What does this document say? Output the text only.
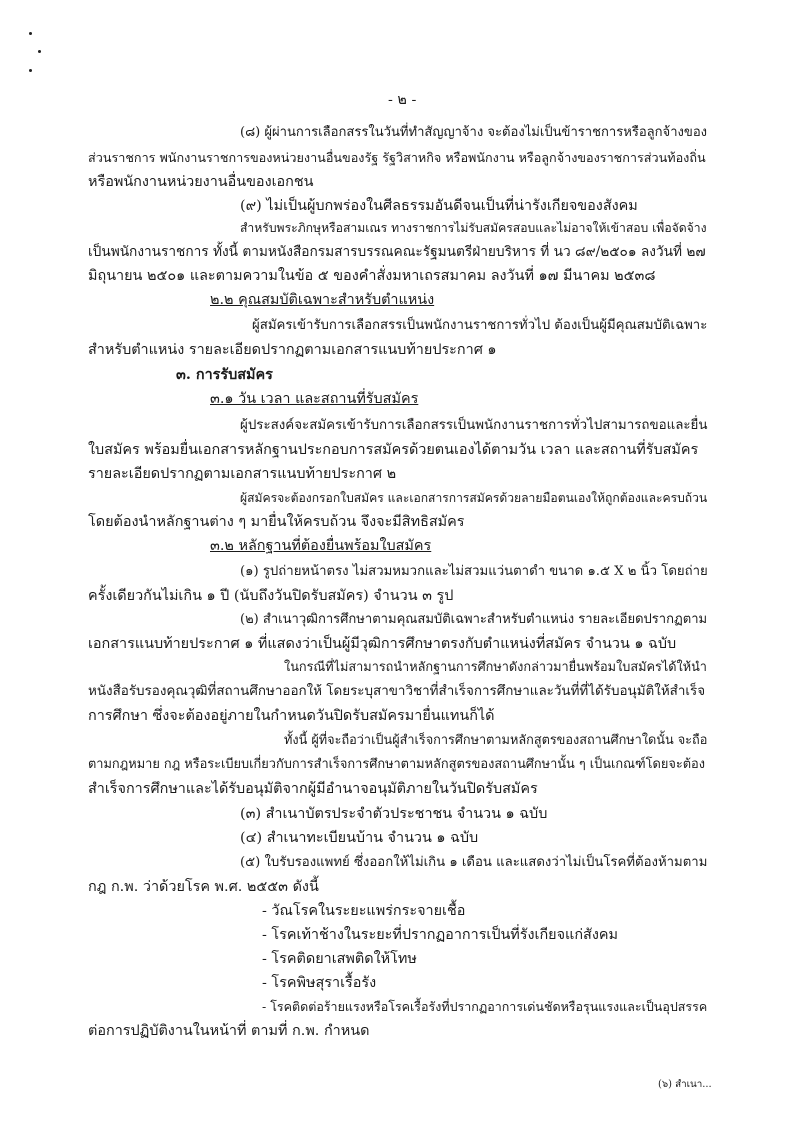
- ๒ -
(๘) ผู้ผ่านการเลือกสรรในวันที่ทำสัญญาจ้าง จะต้องไม่เป็นข้าราชการหรือลูกจ้างของ
ส่วนราชการ พนักงานราชการของหน่วยงานอื่นของรัฐ รัฐวิสาหกิจ หรือพนักงาน หรือลูกจ้างของราชการส่วนท้องถิ่น
หรือพนักงานหน่วยงานอื่นของเอกชน
(๙) ไม่เป็นผู้บกพร่องในศีลธรรมอันดีจนเป็นที่น่ารังเกียจของสังคม
สำหรับพระภิกษุหรือสามเณร ทางราชการไม่รับสมัครสอบและไม่อาจให้เข้าสอบ เพื่อจัดจ้าง
เป็นพนักงานราชการ ทั้งนี้ ตามหนังสือกรมสารบรรณคณะรัฐมนตรีฝ่ายบริหาร ที่ นว ๘๙/๒๕๐๑ ลงวันที่ ๒๗
มิถุนายน ๒๕๐๑ และตามความในข้อ ๕ ของคำสั่งมหาเถรสมาคม ลงวันที่ ๑๗ มีนาคม ๒๕๓๘
๒.๒ คุณสมบัติเฉพาะสำหรับตำแหน่ง
ผู้สมัครเข้ารับการเลือกสรรเป็นพนักงานราชการทั่วไป ต้องเป็นผู้มีคุณสมบัติเฉพาะ
สำหรับตำแหน่ง รายละเอียดปรากฏตามเอกสารแนบท้ายประกาศ ๑
๓. การรับสมัคร
๓.๑ วัน เวลา และสถานที่รับสมัคร
ผู้ประสงค์จะสมัครเข้ารับการเลือกสรรเป็นพนักงานราชการทั่วไปสามารถขอและยื่น
ใบสมัคร พร้อมยื่นเอกสารหลักฐานประกอบการสมัครด้วยตนเองได้ตามวัน เวลา และสถานที่รับสมัคร
รายละเอียดปรากฏตามเอกสารแนบท้ายประกาศ ๒
ผู้สมัครจะต้องกรอกใบสมัคร และเอกสารการสมัครด้วยลายมือตนเองให้ถูกต้องและครบถ้วน
โดยต้องนำหลักฐานต่าง ๆ มายื่นให้ครบถ้วน จึงจะมีสิทธิสมัคร
๓.๒ หลักฐานที่ต้องยื่นพร้อมใบสมัคร
(๑) รูปถ่ายหน้าตรง ไม่สวมหมวกและไม่สวมแว่นตาดำ ขนาด ๑.๕ X ๒ นิ้ว โดยถ่าย
ครั้งเดียวกันไม่เกิน ๑ ปี (นับถึงวันปิดรับสมัคร) จำนวน ๓ รูป
(๒) สำเนาวุฒิการศึกษาตามคุณสมบัติเฉพาะสำหรับตำแหน่ง รายละเอียดปรากฏตาม
เอกสารแนบท้ายประกาศ ๑ ที่แสดงว่าเป็นผู้มีวุฒิการศึกษาตรงกับตำแหน่งที่สมัคร จำนวน ๑ ฉบับ
ในกรณีที่ไม่สามารถนำหลักฐานการศึกษาดังกล่าวมายื่นพร้อมใบสมัครได้ให้นำ
หนังสือรับรองคุณวุฒิที่สถานศึกษาออกให้ โดยระบุสาขาวิชาที่สำเร็จการศึกษาและวันที่ที่ได้รับอนุมัติให้สำเร็จ
การศึกษา ซึ่งจะต้องอยู่ภายในกำหนดวันปิดรับสมัครมายื่นแทนก็ได้
ทั้งนี้ ผู้ที่จะถือว่าเป็นผู้สำเร็จการศึกษาตามหลักสูตรของสถานศึกษาใดนั้น จะถือ
ตามกฎหมาย กฎ หรือระเบียบเกี่ยวกับการสำเร็จการศึกษาตามหลักสูตรของสถานศึกษานั้น ๆ เป็นเกณฑ์โดยจะต้อง
สำเร็จการศึกษาและได้รับอนุมัติจากผู้มีอำนาจอนุมัติภายในวันปิดรับสมัคร
(๓) สำเนาบัตรประจำตัวประชาชน จำนวน ๑ ฉบับ
(๔) สำเนาทะเบียนบ้าน จำนวน ๑ ฉบับ
(๕) ใบรับรองแพทย์ ซึ่งออกให้ไม่เกิน ๑ เดือน และแสดงว่าไม่เป็นโรคที่ต้องห้ามตาม
กฎ ก.พ. ว่าด้วยโรค พ.ศ. ๒๕๕๓ ดังนี้
- วัณโรคในระยะแพร่กระจายเชื้อ
- โรคเท้าช้างในระยะที่ปรากฏอาการเป็นที่รังเกียจแก่สังคม
- โรคติดยาเสพติดให้โทษ
- โรคพิษสุราเรื้อรัง
- โรคติดต่อร้ายแรงหรือโรคเรื้อรังที่ปรากฏอาการเด่นชัดหรือรุนแรงและเป็นอุปสรรค
ต่อการปฏิบัติงานในหน้าที่ ตามที่ ก.พ. กำหนด
(๖) สำเนา...
